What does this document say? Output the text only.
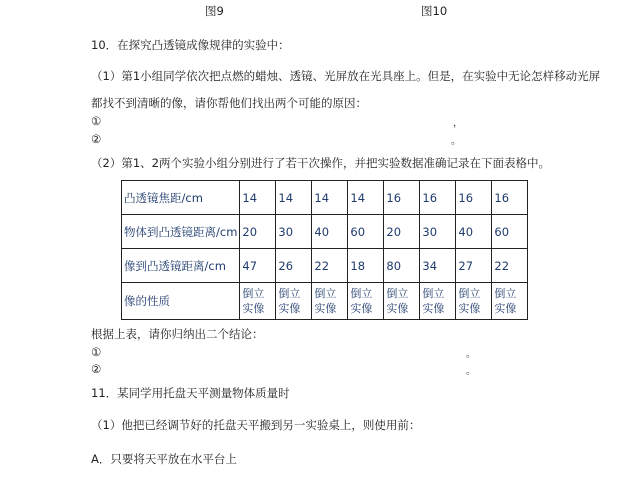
图9	图10
10．在探究凸透镜成像规律的实验中：
（1）第1小组同学依次把点燃的蜡烛、透镜、光屏放在光具座上。但是，在实验中无论怎样移动光屏
都找不到清晰的像，请你帮他们找出两个可能的原因：
①	，
②	。
（2）第1、2两个实验小组分别进行了若干次操作，并把实验数据准确记录在下面表格中。
凸透镜焦距/cm	14	14	14	14	16	16	16	16
物体到凸透镜距离/cm	20	30	40	60	20	30	40	60
像到凸透镜距离/cm	47	26	22	18	80	34	27	22
像的性质	倒立实像	倒立实像	倒立实像	倒立实像	倒立实像	倒立实像	倒立实像	倒立实像
根据上表，请你归纳出二个结论：
①	。
②	。
11．某同学用托盘天平测量物体质量时
（1）他把已经调节好的托盘天平搬到另一实验桌上，则使用前：
A．只要将天平放在水平台上
